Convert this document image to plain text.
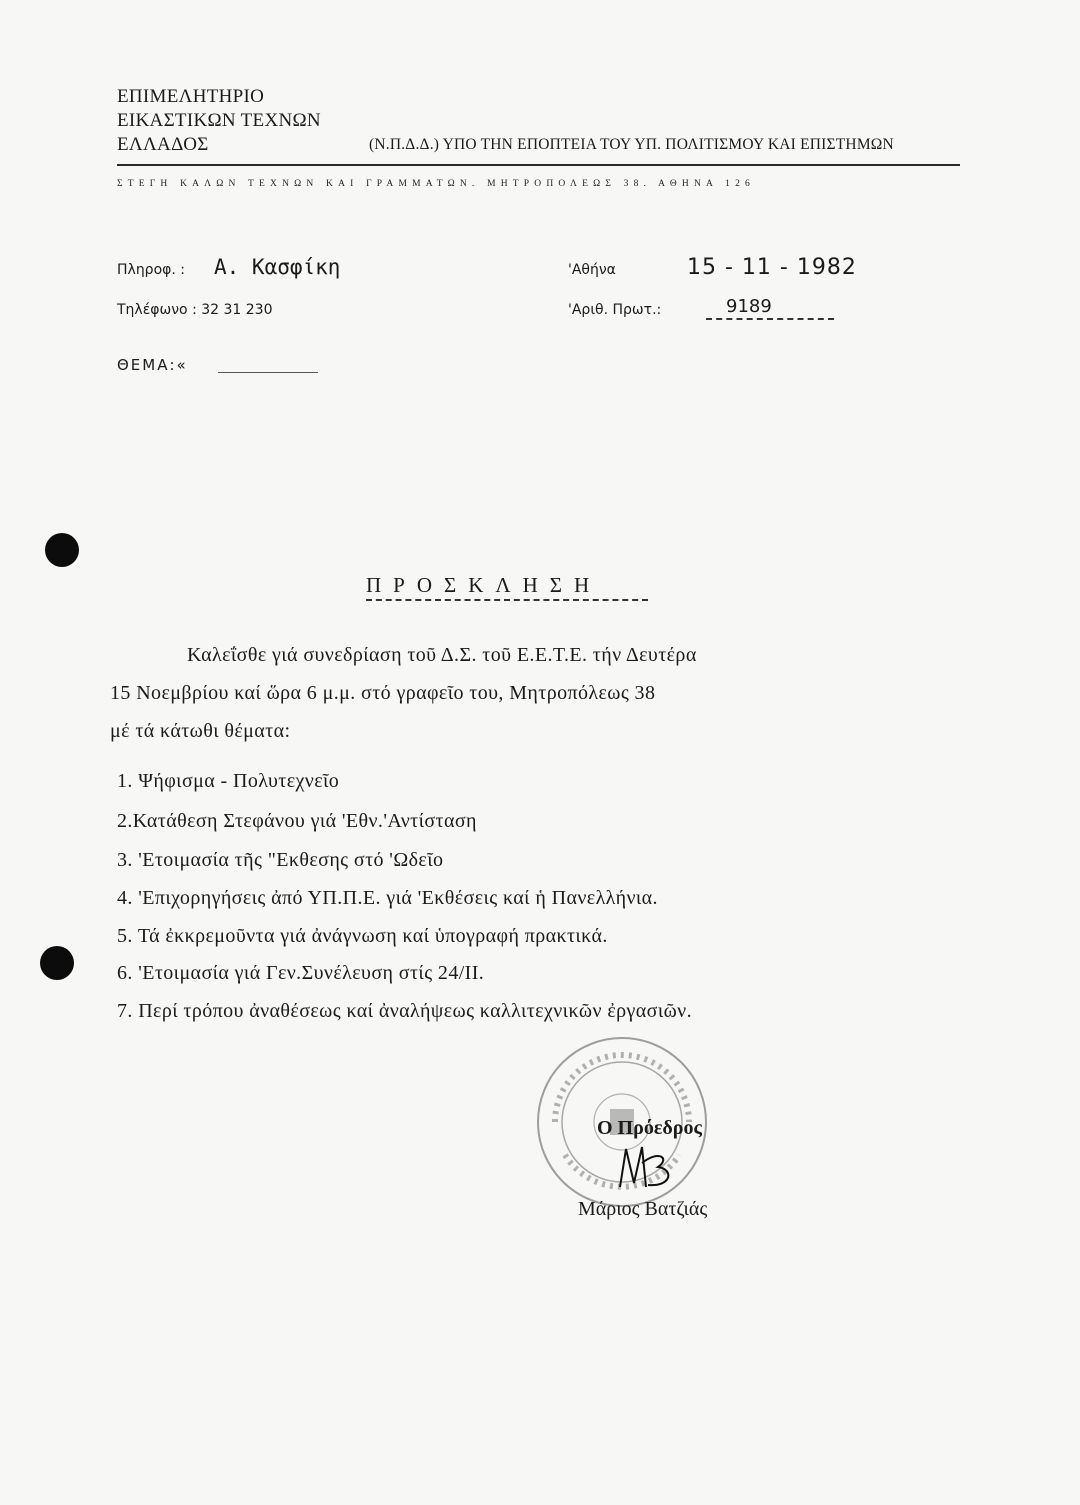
ΕΠΙΜΕΛΗΤΗΡΙΟ
ΕΙΚΑΣΤΙΚΩΝ ΤΕΧΝΩΝ
ΕΛΛΑΔΟΣ	(Ν.Π.Δ.Δ.) ΥΠΟ ΤΗΝ ΕΠΟΠΤΕΙΑ ΤΟΥ ΥΠ. ΠΟΛΙΤΙΣΜΟΥ ΚΑΙ ΕΠΙΣΤΗΜΩΝ
ΣΤΕΓΗ ΚΑΛΩΝ ΤΕΧΝΩΝ ΚΑΙ ΓΡΑΜΜΑΤΩΝ. ΜΗΤΡΟΠΟΛΕΩΣ 38. ΑΘΗΝΑ 126
Πληροφ. : Α. Κασφίκη
Τηλέφωνο : 32 31 230
'Αθήνα	15 - 11 - 1982
'Αριθ. Πρωτ.:	9189
ΘΕΜΑ:«
ΠΡΟΣΚΛΗΣΗ
Καλεΐσθε γιά συνεδρίαση τοῦ Δ.Σ. τοῦ Ε.Ε.Τ.Ε. τήν Δευτέρα
15 Νοεμβρίου καί ὥρα 6 μ.μ. στό γραφεῖο του, Μητροπόλεως 38
μέ τά κάτωθι θέματα:
1. Ψήφισμα - Πολυτεχνεῖο
2.Κατάθεση Στεφάνου γιά 'Εθν.'Αντίσταση
3. 'Ετοιμασία τῆς "Εκθεσης στό 'Ωδεῖο
4. 'Επιχορηγήσεις ἀπό ΥΠ.Π.Ε. γιά 'Εκθέσεις καί ἡ Πανελλήνια.
5. Τά ἐκκρεμοῦντα γιά ἀνάγνωση καί ὑπογραφή πρακτικά.
6. 'Ετοιμασία γιά Γεν.Συνέλευση στίς 24/ΙΙ.
7. Περί τρόπου ἀναθέσεως καί ἀναλήψεως καλλιτεχνικῶν ἐργασιῶν.
Ο Πρόεδρος
Μάριος Βατζιάς
